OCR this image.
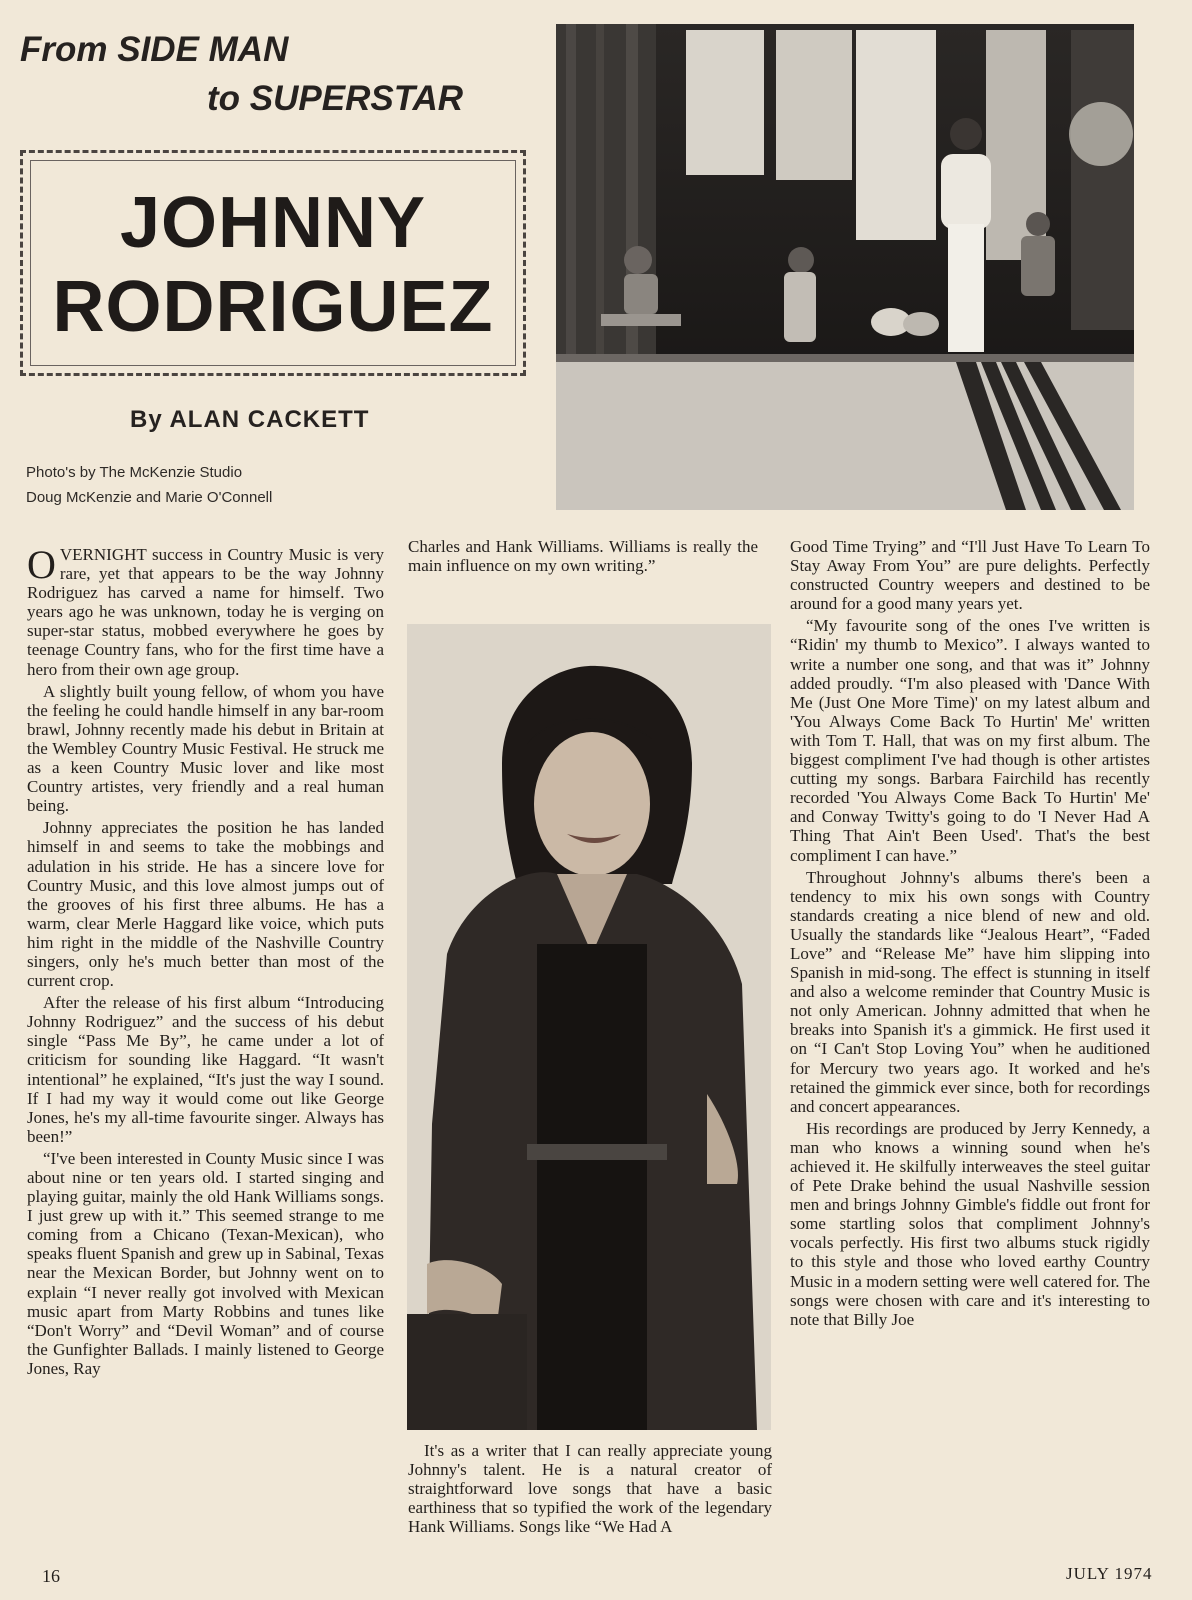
From SIDE MAN
to SUPERSTAR
JOHNNY
RODRIGUEZ
By ALAN CACKETT
Photo's by The McKenzie Studio
Doug McKenzie and Marie O'Connell

OVERNIGHT success in Country Music is very rare, yet that appears to be the way Johnny Rodriguez has carved a name for himself. Two years ago he was unknown, today he is verging on super-star status, mobbed everywhere he goes by teenage Country fans, who for the first time have a hero from their own age group.

A slightly built young fellow, of whom you have the feeling he could handle himself in any bar-room brawl, Johnny recently made his debut in Britain at the Wembley Country Music Festival. He struck me as a keen Country Music lover and like most Country artistes, very friendly and a real human being.

Johnny appreciates the position he has landed himself in and seems to take the mobbings and adulation in his stride. He has a sincere love for Country Music, and this love almost jumps out of the grooves of his first three albums. He has a warm, clear Merle Haggard like voice, which puts him right in the middle of the Nashville Country singers, only he's much better than most of the current crop.

After the release of his first album “Introducing Johnny Rodriguez” and the success of his debut single “Pass Me By”, he came under a lot of criticism for sounding like Haggard. “It wasn't intentional” he explained, “It's just the way I sound. If I had my way it would come out like George Jones, he's my all-time favourite singer. Always has been!”

“I've been interested in County Music since I was about nine or ten years old. I started singing and playing guitar, mainly the old Hank Williams songs. I just grew up with it.” This seemed strange to me coming from a Chicano (Texan-Mexican), who speaks fluent Spanish and grew up in Sabinal, Texas near the Mexican Border, but Johnny went on to explain “I never really got involved with Mexican music apart from Marty Robbins and tunes like “Don't Worry” and “Devil Woman” and of course the Gunfighter Ballads. I mainly listened to George Jones, Ray

Charles and Hank Williams. Williams is really the main influence on my own writing.”

It's as a writer that I can really appreciate young Johnny's talent. He is a natural creator of straightforward love songs that have a basic earthiness that so typified the work of the legendary Hank Williams. Songs like “We Had A

Good Time Trying” and “I'll Just Have To Learn To Stay Away From You” are pure delights. Perfectly constructed Country weepers and destined to be around for a good many years yet.

“My favourite song of the ones I've written is “Ridin' my thumb to Mexico”. I always wanted to write a number one song, and that was it” Johnny added proudly. “I'm also pleased with 'Dance With Me (Just One More Time)' on my latest album and 'You Always Come Back To Hurtin' Me' written with Tom T. Hall, that was on my first album. The biggest compliment I've had though is other artistes cutting my songs. Barbara Fairchild has recently recorded 'You Always Come Back To Hurtin' Me' and Conway Twitty's going to do 'I Never Had A Thing That Ain't Been Used'. That's the best compliment I can have.”

Throughout Johnny's albums there's been a tendency to mix his own songs with Country standards creating a nice blend of new and old. Usually the standards like “Jealous Heart”, “Faded Love” and “Release Me” have him slipping into Spanish in mid-song. The effect is stunning in itself and also a welcome reminder that Country Music is not only American. Johnny admitted that when he breaks into Spanish it's a gimmick. He first used it on “I Can't Stop Loving You” when he auditioned for Mercury two years ago. It worked and he's retained the gimmick ever since, both for recordings and concert appearances.

His recordings are produced by Jerry Kennedy, a man who knows a winning sound when he's achieved it. He skilfully interweaves the steel guitar of Pete Drake behind the usual Nashville session men and brings Johnny Gimble's fiddle out front for some startling solos that compliment Johnny's vocals perfectly. His first two albums stuck rigidly to this style and those who loved earthy Country Music in a modern setting were well catered for. The songs were chosen with care and it's interesting to note that Billy Joe

16	JULY 1974
